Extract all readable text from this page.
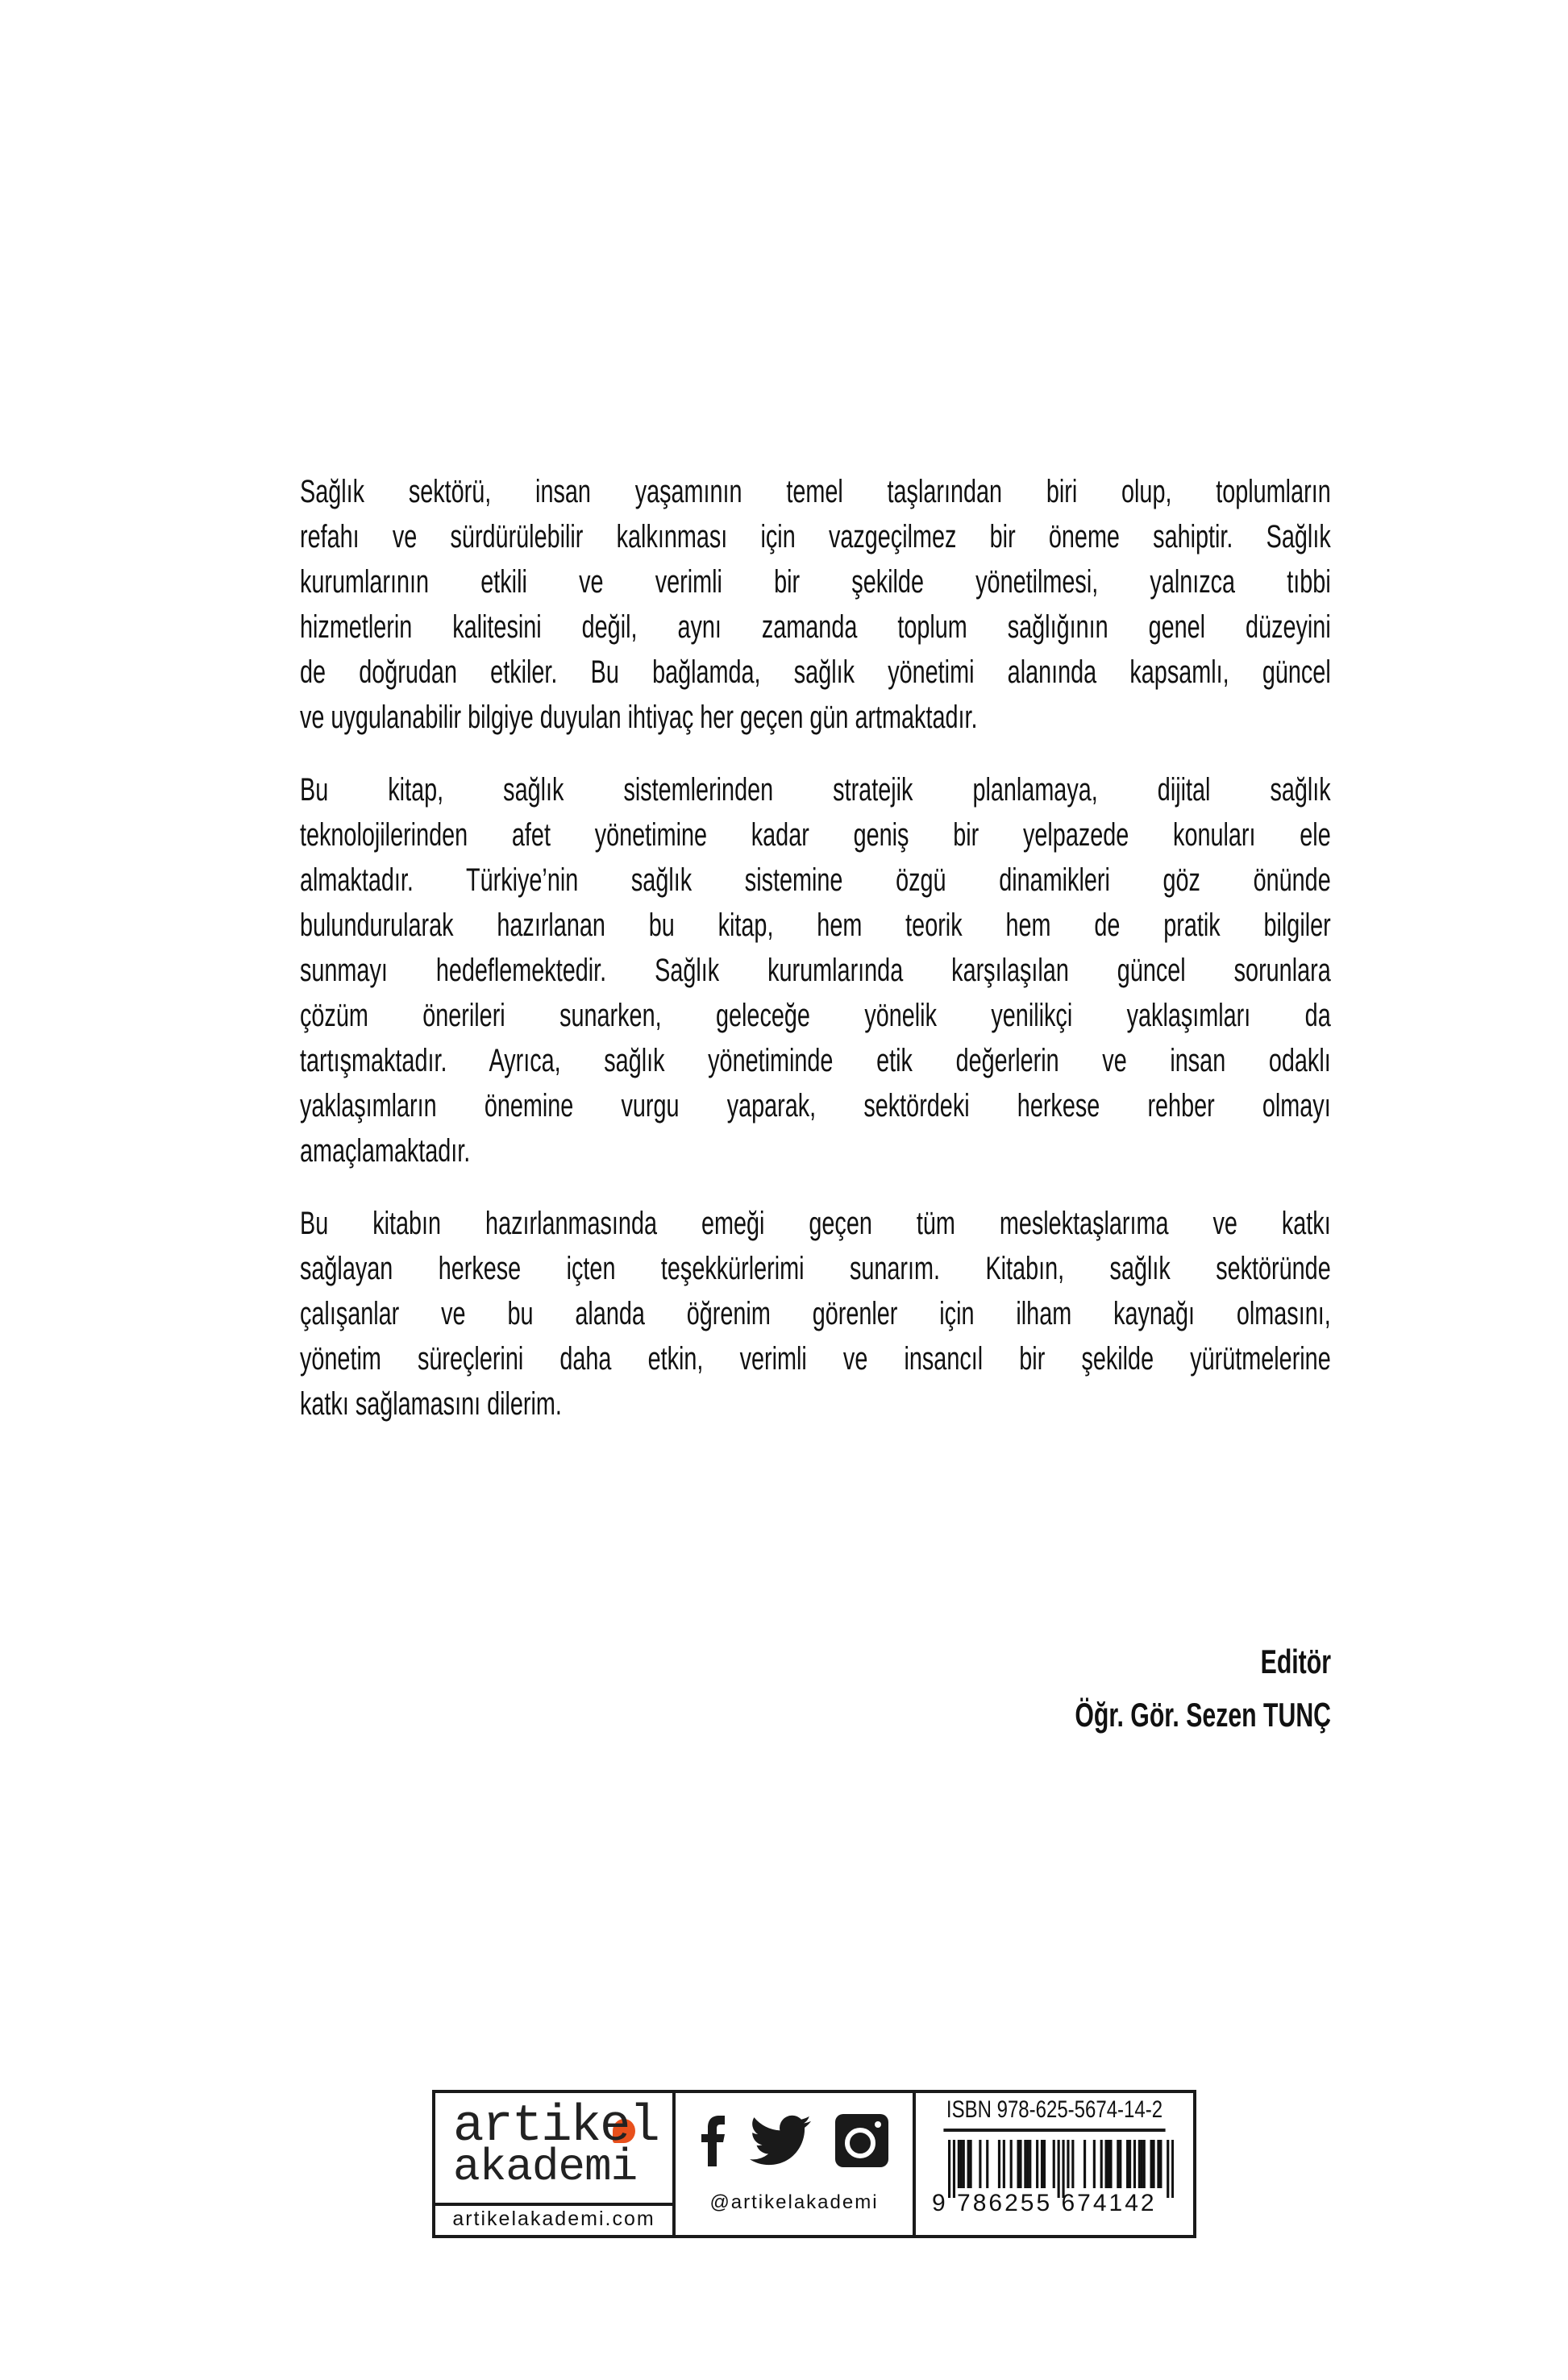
Sağlık sektörü, insan yaşamının temel taşlarından biri olup, toplumların
refahı ve sürdürülebilir kalkınması için vazgeçilmez bir öneme sahiptir. Sağlık
kurumlarının etkili ve verimli bir şekilde yönetilmesi, yalnızca tıbbi
hizmetlerin kalitesini değil, aynı zamanda toplum sağlığının genel düzeyini
de doğrudan etkiler. Bu bağlamda, sağlık yönetimi alanında kapsamlı, güncel
ve uygulanabilir bilgiye duyulan ihtiyaç her geçen gün artmaktadır.
Bu kitap, sağlık sistemlerinden stratejik planlamaya, dijital sağlık
teknolojilerinden afet yönetimine kadar geniş bir yelpazede konuları ele
almaktadır. Türkiye’nin sağlık sistemine özgü dinamikleri göz önünde
bulundurularak hazırlanan bu kitap, hem teorik hem de pratik bilgiler
sunmayı hedeflemektedir. Sağlık kurumlarında karşılaşılan güncel sorunlara
çözüm önerileri sunarken, geleceğe yönelik yenilikçi yaklaşımları da
tartışmaktadır. Ayrıca, sağlık yönetiminde etik değerlerin ve insan odaklı
yaklaşımların önemine vurgu yaparak, sektördeki herkese rehber olmayı
amaçlamaktadır.
Bu kitabın hazırlanmasında emeği geçen tüm meslektaşlarıma ve katkı
sağlayan herkese içten teşekkürlerimi sunarım. Kitabın, sağlık sektöründe
çalışanlar ve bu alanda öğrenim görenler için ilham kaynağı olmasını,
yönetim süreçlerini daha etkin, verimli ve insancıl bir şekilde yürütmelerine
katkı sağlamasını dilerim.
Editör
Öğr. Gör. Sezen TUNÇ
artikel
akademi
artikelakademi.com
@artikelakademi
ISBN 978-625-5674-14-2
9 786255 674142
